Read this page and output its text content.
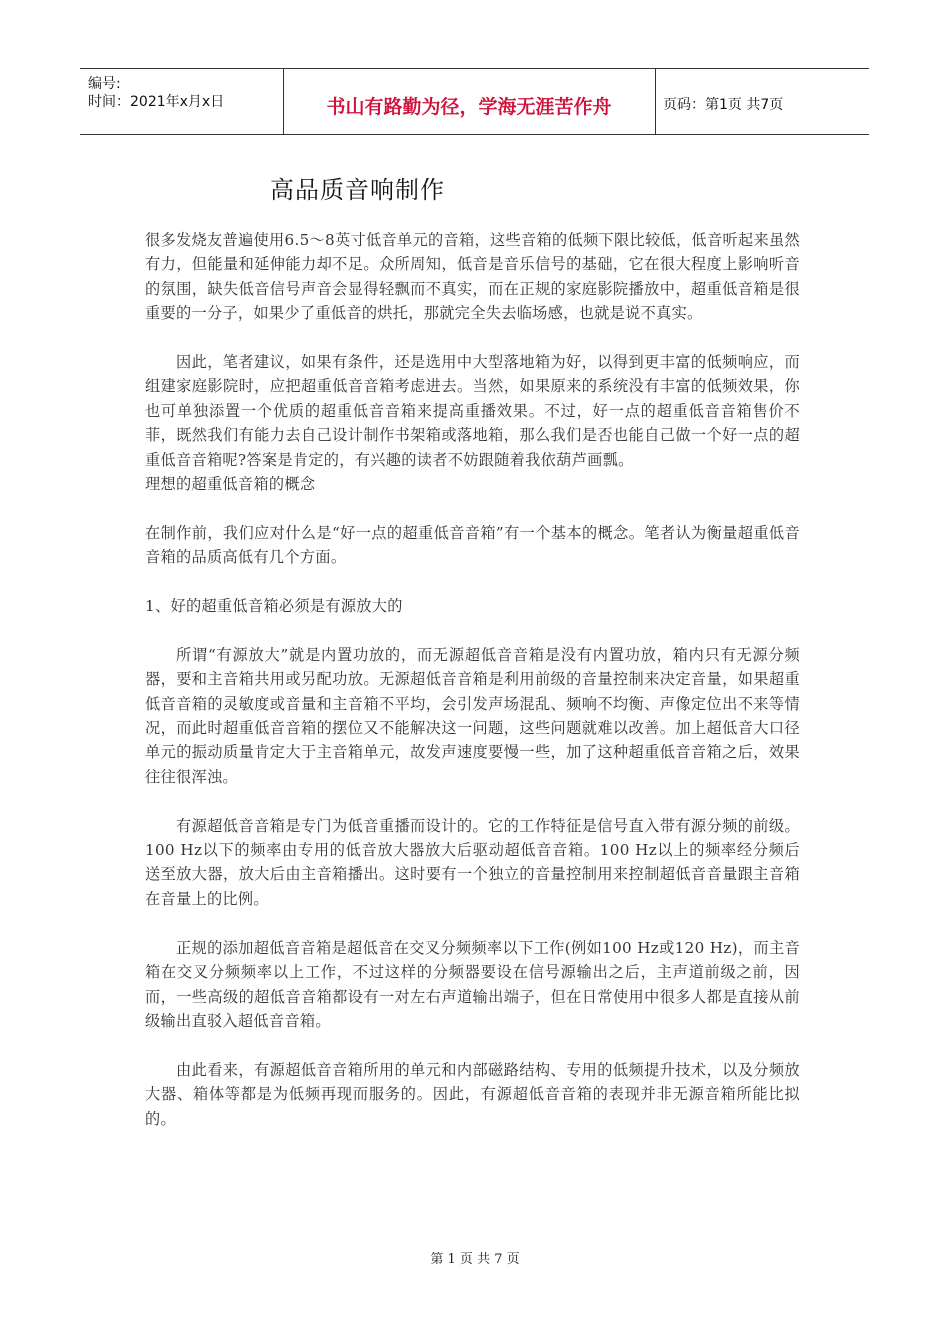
编号:
时间：2021年x月x日	书山有路勤为径，学海无涯苦作舟	页码：第1页 共7页
高品质音响制作

很多发烧友普遍使用6.5～8英寸低音单元的音箱，这些音箱的低频下限比较低，低音听起来虽然有力，但能量和延伸能力却不足。众所周知，低音是音乐信号的基础，它在很大程度上影响听音的氛围，缺失低音信号声音会显得轻飘而不真实，而在正规的家庭影院播放中，超重低音箱是很重要的一分子，如果少了重低音的烘托，那就完全失去临场感，也就是说不真实。

因此，笔者建议，如果有条件，还是选用中大型落地箱为好，以得到更丰富的低频响应，而组建家庭影院时，应把超重低音音箱考虑进去。当然，如果原来的系统没有丰富的低频效果，你也可单独添置一个优质的超重低音音箱来提高重播效果。不过，好一点的超重低音音箱售价不菲，既然我们有能力去自己设计制作书架箱或落地箱，那么我们是否也能自己做一个好一点的超重低音音箱呢?答案是肯定的，有兴趣的读者不妨跟随着我依葫芦画瓢。

理想的超重低音箱的概念

在制作前，我们应对什么是“好一点的超重低音音箱”有一个基本的概念。笔者认为衡量超重低音音箱的品质高低有几个方面。

1、好的超重低音箱必须是有源放大的

所谓“有源放大”就是内置功放的，而无源超低音音箱是没有内置功放，箱内只有无源分频器，要和主音箱共用或另配功放。无源超低音音箱是利用前级的音量控制来决定音量，如果超重低音音箱的灵敏度或音量和主音箱不平均，会引发声场混乱、频响不均衡、声像定位出不来等情况，而此时超重低音音箱的摆位又不能解决这一问题，这些问题就难以改善。加上超低音大口径单元的振动质量肯定大于主音箱单元，故发声速度要慢一些，加了这种超重低音音箱之后，效果往往很浑浊。

有源超低音音箱是专门为低音重播而设计的。它的工作特征是信号直入带有源分频的前级。100 Hz以下的频率由专用的低音放大器放大后驱动超低音音箱。100 Hz以上的频率经分频后送至放大器，放大后由主音箱播出。这时要有一个独立的音量控制用来控制超低音音量跟主音箱在音量上的比例。

正规的添加超低音音箱是超低音在交叉分频频率以下工作(例如100 Hz或120 Hz)，而主音箱在交叉分频频率以上工作，不过这样的分频器要设在信号源输出之后，主声道前级之前，因而，一些高级的超低音音箱都设有一对左右声道输出端子，但在日常使用中很多人都是直接从前级输出直驳入超低音音箱。

由此看来，有源超低音音箱所用的单元和内部磁路结构、专用的低频提升技术，以及分频放大器、箱体等都是为低频再现而服务的。因此，有源超低音音箱的表现并非无源音箱所能比拟的。

第 1 页 共 7 页
